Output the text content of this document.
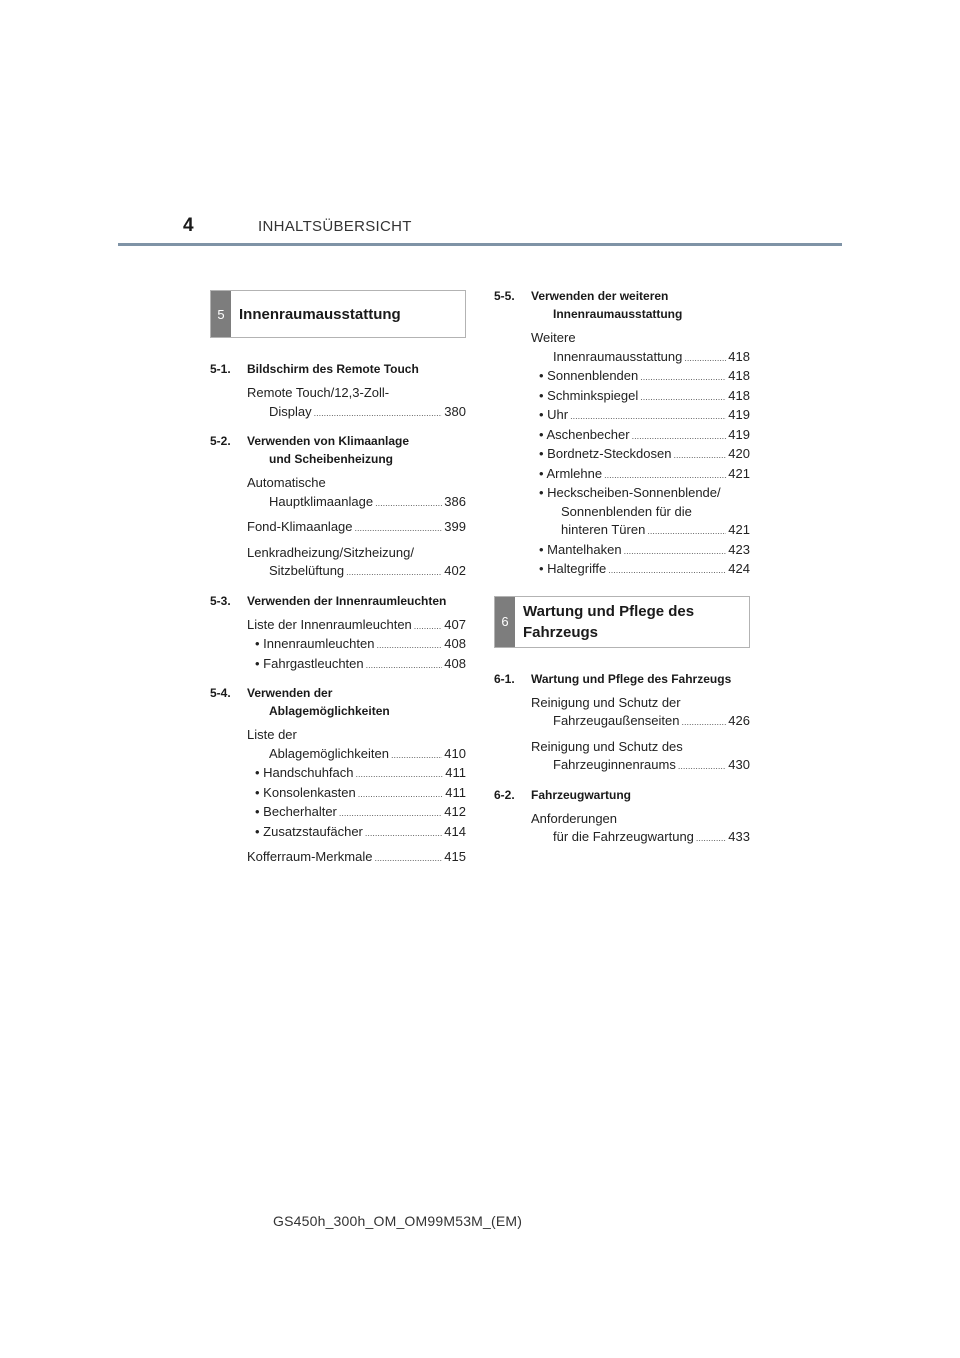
4	INHALTSÜBERSICHT
5 Innenraumausstattung
5-1.	Bildschirm des Remote Touch
Remote Touch/12,3-Zoll-
Display .....	380
5-2.	Verwenden von Klimaanlage
und Scheibenheizung
Automatische
Hauptklimaanlage .....	386
Fond-Klimaanlage .....	399
Lenkradheizung/Sitzheizung/
Sitzbelüftung .....	402
5-3.	Verwenden der Innenraumleuchten
Liste der Innenraumleuchten .....	407
• Innenraumleuchten .....	408
• Fahrgastleuchten .....	408
5-4.	Verwenden der
Ablagemöglichkeiten
Liste der
Ablagemöglichkeiten .....	410
• Handschuhfach .....	411
• Konsolenkasten .....	411
• Becherhalter .....	412
• Zusatzstaufächer .....	414
Kofferraum-Merkmale .....	415
5-5.	Verwenden der weiteren
Innenraumausstattung
Weitere
Innenraumausstattung .....	418
• Sonnenblenden .....	418
• Schminkspiegel .....	418
• Uhr .....	419
• Aschenbecher .....	419
• Bordnetz-Steckdosen .....	420
• Armlehne .....	421
• Heckscheiben-Sonnenblende/
Sonnenblenden für die
hinteren Türen .....	421
• Mantelhaken .....	423
• Haltegriffe .....	424
6
Wartung und Pflege des
Fahrzeugs
6-1.	Wartung und Pflege des Fahrzeugs
Reinigung und Schutz der
Fahrzeugaußenseiten .....	426
Reinigung und Schutz des
Fahrzeuginnenraums .....	430
6-2.	Fahrzeugwartung
Anforderungen
für die Fahrzeugwartung .....	433
GS450h_300h_OM_OM99M53M_(EM)
